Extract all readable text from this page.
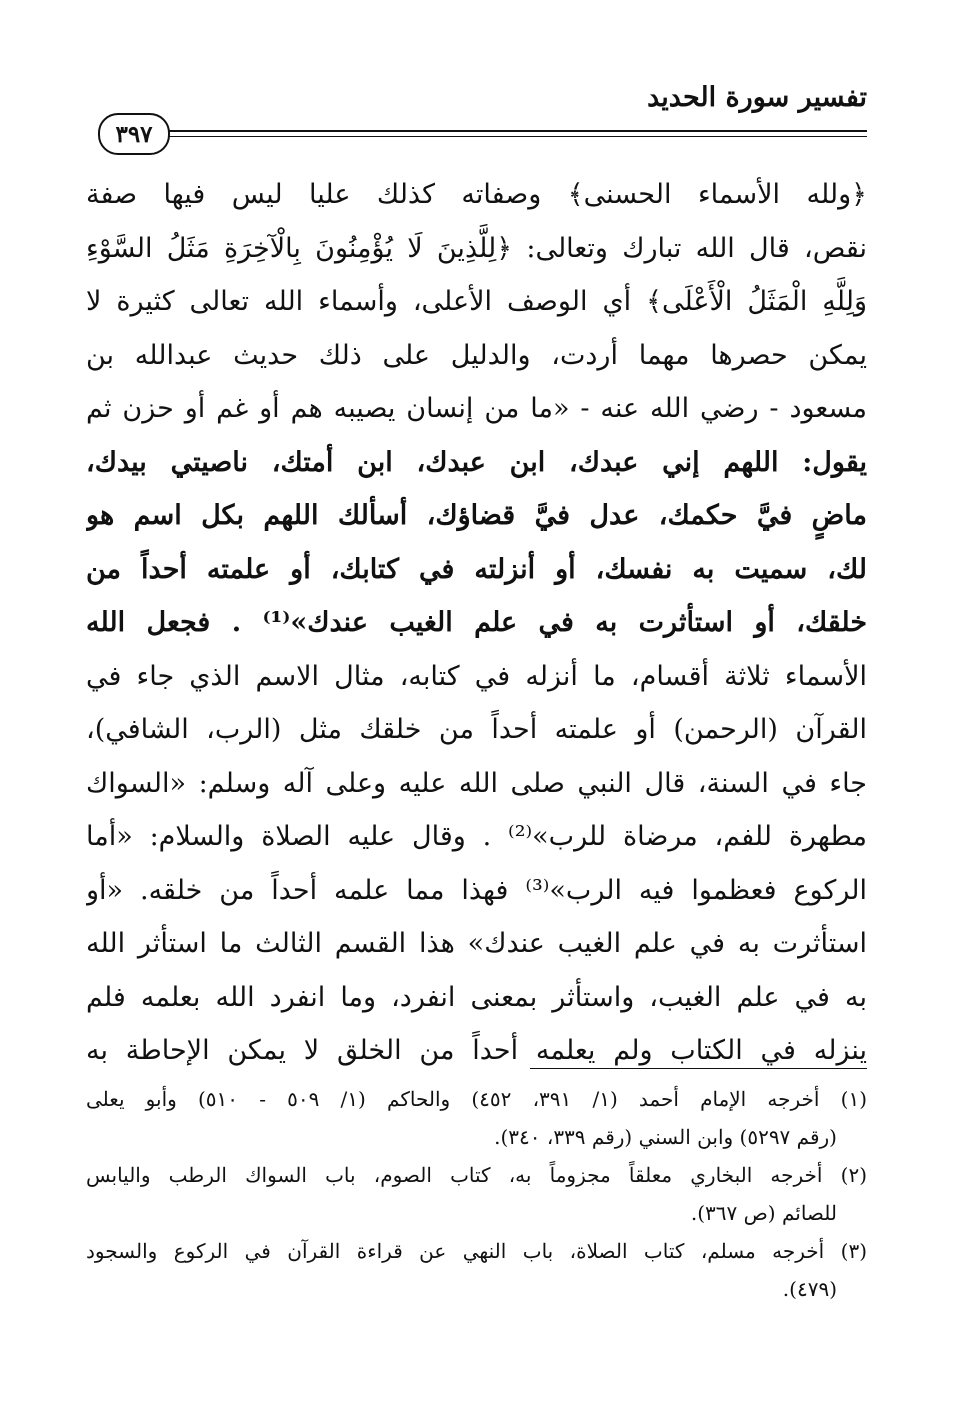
تفسير سورة الحديد
٣٩٧
﴿ولله الأسماء الحسنى﴾ وصفاته كذلك عليا ليس فيها صفة
نقص، قال الله تبارك وتعالى: ﴿لِلَّذِينَ لَا يُؤْمِنُونَ بِالْآخِرَةِ مَثَلُ السَّوْءِ
وَلِلَّهِ الْمَثَلُ الْأَعْلَى﴾ أي الوصف الأعلى، وأسماء الله تعالى كثيرة لا
يمكن حصرها مهما أردت، والدليل على ذلك حديث عبدالله بن
مسعود - رضي الله عنه - «ما من إنسان يصيبه هم أو غم أو حزن ثم
يقول: اللهم إني عبدك، ابن عبدك، ابن أمتك، ناصيتي بيدك،
ماضٍ فيَّ حكمك، عدل فيَّ قضاؤك، أسألك اللهم بكل اسم هو
لك، سميت به نفسك، أو أنزلته في كتابك، أو علمته أحداً من
خلقك، أو استأثرت به في علم الغيب عندك»⁽¹⁾ . فجعل الله
الأسماء ثلاثة أقسام، ما أنزله في كتابه، مثال الاسم الذي جاء في
القرآن (الرحمن) أو علمته أحداً من خلقك مثل (الرب، الشافي)،
جاء في السنة، قال النبي صلى الله عليه وعلى آله وسلم: «السواك
مطهرة للفم، مرضاة للرب»⁽²⁾ . وقال عليه الصلاة والسلام: «أما
الركوع فعظموا فيه الرب»⁽³⁾ فهذا مما علمه أحداً من خلقه. «أو
استأثرت به في علم الغيب عندك» هذا القسم الثالث ما استأثر الله
به في علم الغيب، واستأثر بمعنى انفرد، وما انفرد الله بعلمه فلم
ينزله في الكتاب ولم يعلمه أحداً من الخلق لا يمكن الإحاطة به
(١) أخرجه الإمام أحمد (١/ ٣٩١، ٤٥٢) والحاكم (١/ ٥٠٩ - ٥١٠) وأبو يعلى
(رقم ٥٢٩٧) وابن السني (رقم ٣٣٩، ٣٤٠).
(٢) أخرجه البخاري معلقاً مجزوماً به، كتاب الصوم، باب السواك الرطب واليابس
للصائم (ص ٣٦٧).
(٣) أخرجه مسلم، كتاب الصلاة، باب النهي عن قراءة القرآن في الركوع والسجود
(٤٧٩).
